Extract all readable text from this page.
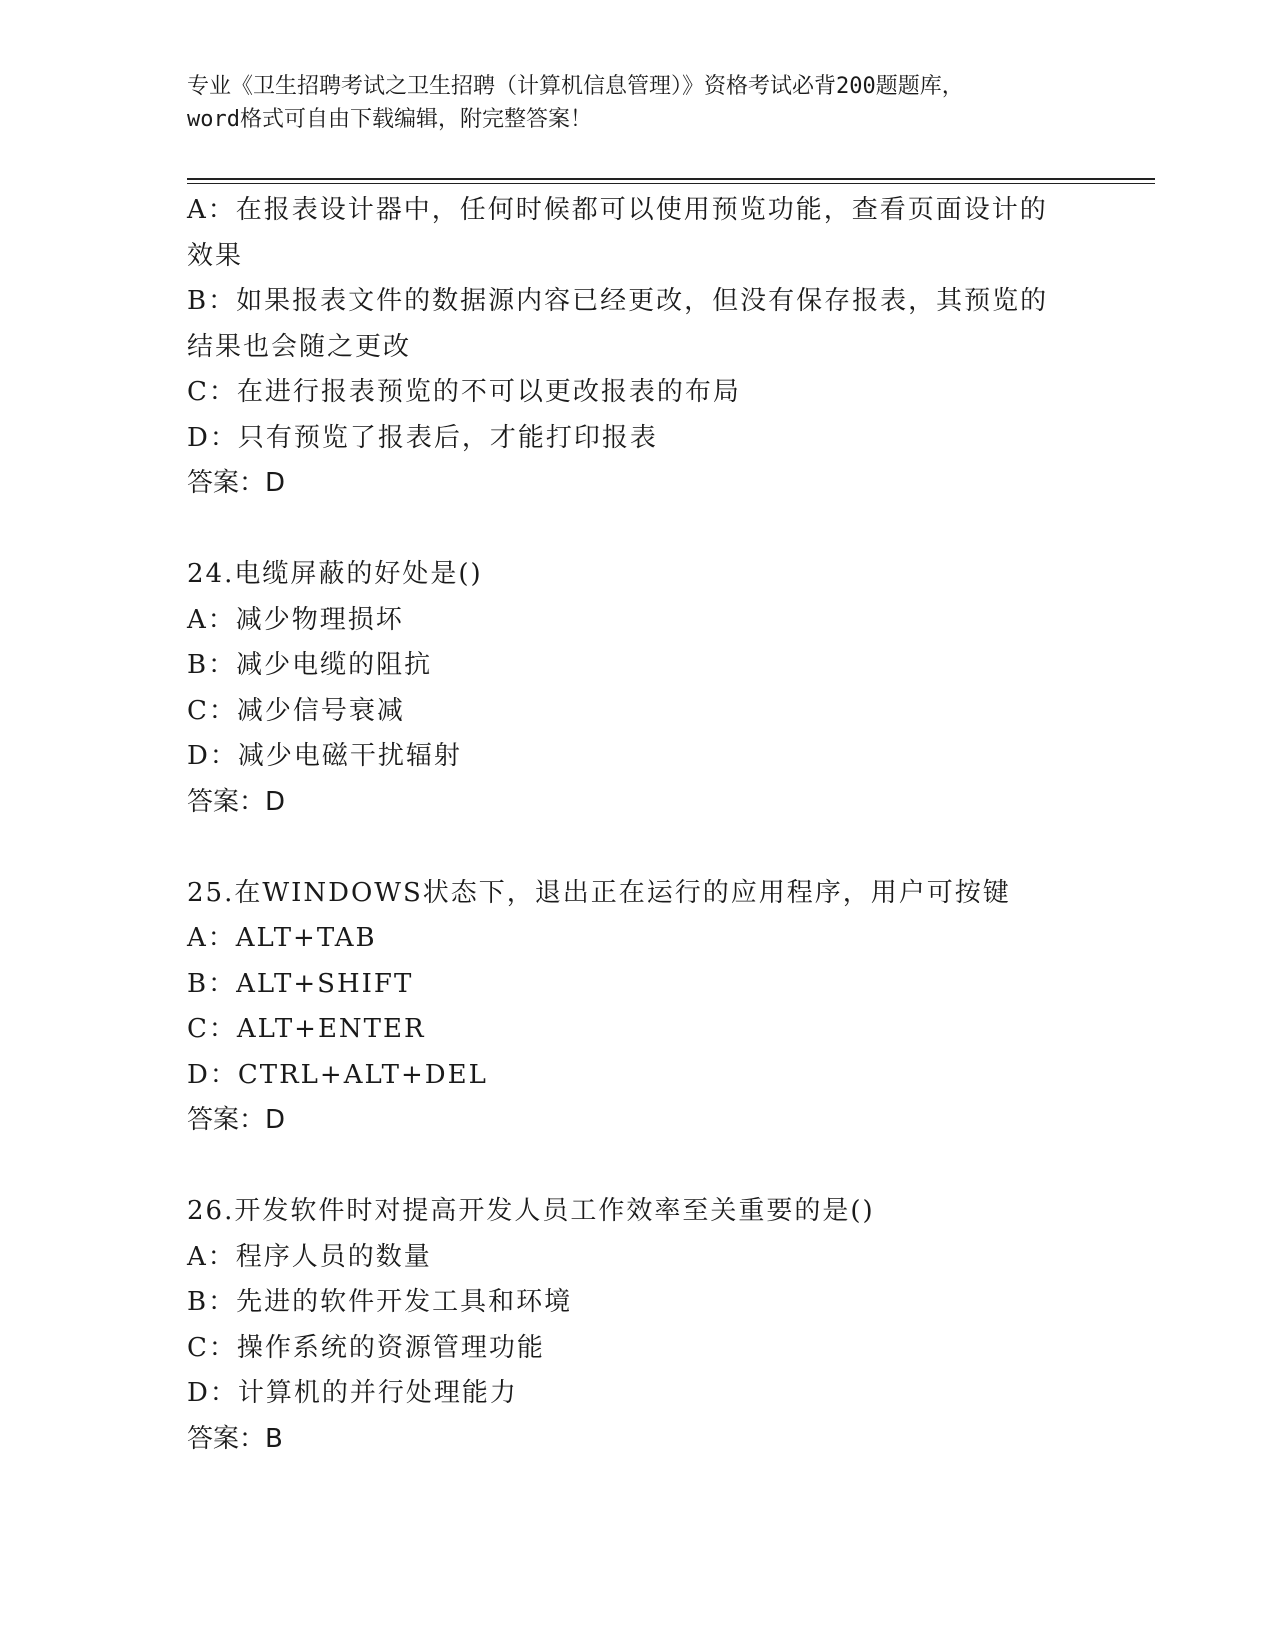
专业《卫生招聘考试之卫生招聘（计算机信息管理）》资格考试必背200题题库，
word格式可自由下载编辑，附完整答案！
A：在报表设计器中，任何时候都可以使用预览功能，查看页面设计的
效果
B：如果报表文件的数据源内容已经更改，但没有保存报表，其预览的
结果也会随之更改
C：在进行报表预览的不可以更改报表的布局
D：只有预览了报表后，才能打印报表
答案：D
24.电缆屏蔽的好处是()
A：减少物理损坏
B：减少电缆的阻抗
C：减少信号衰减
D：减少电磁干扰辐射
答案：D
25.在WINDOWS状态下，退出正在运行的应用程序，用户可按键
A：ALT+TAB
B：ALT+SHIFT
C：ALT+ENTER
D：CTRL+ALT+DEL
答案：D
26.开发软件时对提高开发人员工作效率至关重要的是()
A：程序人员的数量
B：先进的软件开发工具和环境
C：操作系统的资源管理功能
D：计算机的并行处理能力
答案：B
